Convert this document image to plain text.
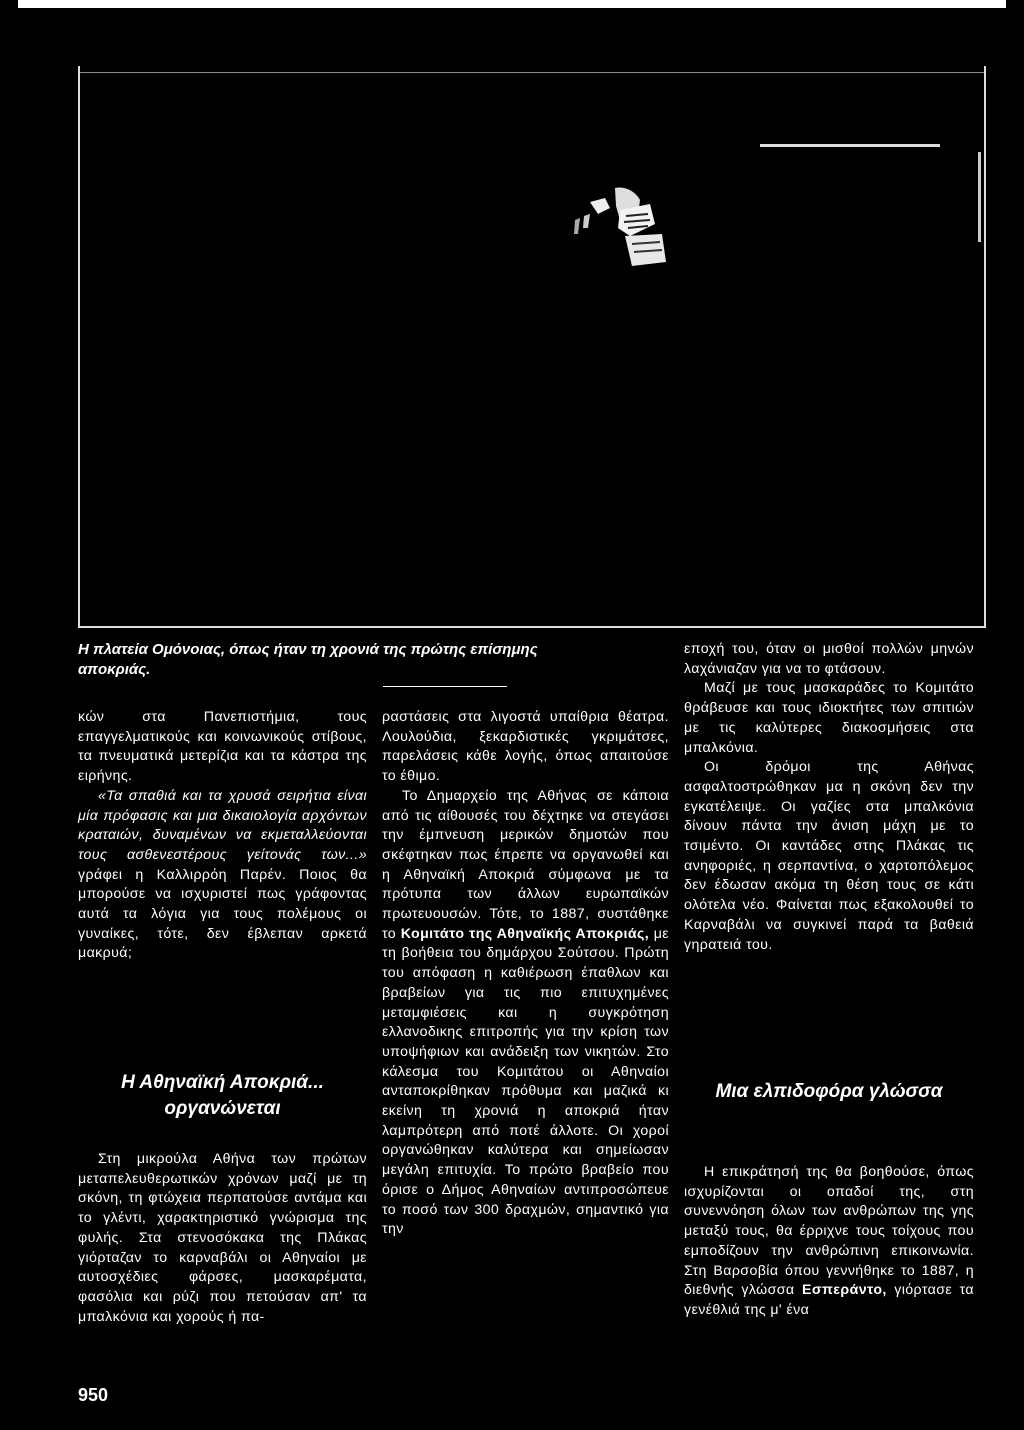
Η πλατεία Ομόνοιας, όπως ήταν τη χρονιά της πρώτης επίσημης αποκριάς.

κών στα Πανεπιστήμια, τους επαγγελματικούς και κοινωνικούς στίβους, τα πνευματικά μετερίζια και τα κάστρα της ειρήνης.

«Τα σπαθιά και τα χρυσά σειρήτια είναι μία πρόφασις και μια δικαιολογία αρχόντων κραταιών, δυναμένων να εκμεταλλεύονται τους ασθενεστέρους γείτονάς των...» γράφει η Καλλιρρόη Παρέν. Ποιος θα μπορούσε να ισχυριστεί πως γράφοντας αυτά τα λόγια για τους πολέμους οι γυναίκες, τότε, δεν έβλεπαν αρκετά μακρυά;

Η Αθηναϊκή Αποκριά... οργανώνεται

Στη μικρούλα Αθήνα των πρώτων μεταπελευθερωτικών χρόνων μαζί με τη σκόνη, τη φτώχεια περπατούσε αντάμα και το γλέντι, χαρακτηριστικό γνώρισμα της φυλής. Στα στενοσόκακα της Πλάκας γιόρταζαν το καρναβάλι οι Αθηναίοι με αυτοσχέδιες φάρσες, μασκαρέματα, φασόλια και ρύζι που πετούσαν απ' τα μπαλκόνια και χορούς ή πα-

ραστάσεις στα λιγοστά υπαίθρια θέατρα. Λουλούδια, ξεκαρδιστικές γκριμάτσες, παρελάσεις κάθε λογής, όπως απαιτούσε το έθιμο.

Το Δημαρχείο της Αθήνας σε κάποια από τις αίθουσές του δέχτηκε να στεγάσει την έμπνευση μερικών δημοτών που σκέφτηκαν πως έπρεπε να οργανωθεί και η Αθηναϊκή Αποκριά σύμφωνα με τα πρότυπα των άλλων ευρωπαϊκών πρωτευουσών. Τότε, το 1887, συστάθηκε το Κομιτάτο της Αθηναϊκής Αποκριάς, με τη βοήθεια του δημάρχου Σούτσου. Πρώτη του απόφαση η καθιέρωση έπαθλων και βραβείων για τις πιο επιτυχημένες μεταμφιέσεις και η συγκρότηση ελλανοδικης επιτροπής για την κρίση των υποψήφιων και ανάδειξη των νικητών. Στο κάλεσμα του Κομιτάτου οι Αθηναίοι ανταποκρίθηκαν πρόθυμα και μαζικά κι εκείνη τη χρονιά η αποκριά ήταν λαμπρότερη από ποτέ άλλοτε. Οι χοροί οργανώθηκαν καλύτερα και σημείωσαν μεγάλη επιτυχία. Το πρώτο βραβείο που όρισε ο Δήμος Αθηναίων αντιπροσώπευε το ποσό των 300 δραχμών, σημαντικό για την

εποχή του, όταν οι μισθοί πολλών μηνών λαχάνιαζαν για να το φτάσουν.

Μαζί με τους μασκαράδες το Κομιτάτο θράβευσε και τους ιδιοκτήτες των σπιτιών με τις καλύτερες διακοσμήσεις στα μπαλκόνια.

Οι δρόμοι της Αθήνας ασφαλτοστρώθηκαν μα η σκόνη δεν την εγκατέλειψε. Οι γαζίες στα μπαλκόνια δίνουν πάντα την άνιση μάχη με το τσιμέντο. Οι καντάδες στης Πλάκας τις ανηφοριές, η σερπαντίνα, ο χαρτοπόλεμος δεν έδωσαν ακόμα τη θέση τους σε κάτι ολότελα νέο. Φαίνεται πως εξακολουθεί το Καρναβάλι να συγκινεί παρά τα βαθειά γηρατειά του.

Μια ελπιδοφόρα γλώσσα

Η επικράτησή της θα βοηθούσε, όπως ισχυρίζονται οι οπαδοί της, στη συνεννόηση όλων των ανθρώπων της γης μεταξύ τους, θα έρριχνε τους τοίχους που εμποδίζουν την ανθρώπινη επικοινωνία. Στη Βαρσοβία όπου γεννήθηκε το 1887, η διεθνής γλώσσα Εσπεράντο, γιόρτασε τα γενέθλιά της μ' ένα

950
